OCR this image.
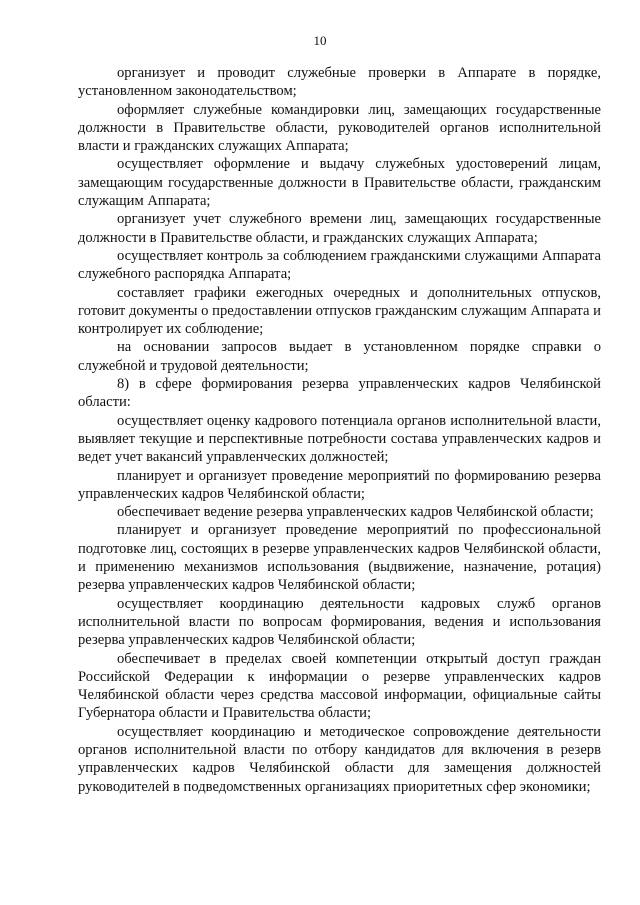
10

организует и проводит служебные проверки в Аппарате в порядке, установленном законодательством;

оформляет служебные командировки лиц, замещающих государственные должности в Правительстве области, руководителей органов исполнительной власти и гражданских служащих Аппарата;

осуществляет оформление и выдачу служебных удостоверений лицам, замещающим государственные должности в Правительстве области, гражданским служащим Аппарата;

организует учет служебного времени лиц, замещающих государственные должности в Правительстве области, и гражданских служащих Аппарата;

осуществляет контроль за соблюдением гражданскими служащими Аппарата служебного распорядка Аппарата;

составляет графики ежегодных очередных и дополнительных отпусков, готовит документы о предоставлении отпусков гражданским служащим Аппарата и контролирует их соблюдение;

на основании запросов выдает в установленном порядке справки о служебной и трудовой деятельности;

8) в сфере формирования резерва управленческих кадров Челябинской области:

осуществляет оценку кадрового потенциала органов исполнительной власти, выявляет текущие и перспективные потребности состава управленческих кадров и ведет учет вакансий управленческих должностей;

планирует и организует проведение мероприятий по формированию резерва управленческих кадров Челябинской области;

обеспечивает ведение резерва управленческих кадров Челябинской области;

планирует и организует проведение мероприятий по профессиональной подготовке лиц, состоящих в резерве управленческих кадров Челябинской области, и применению механизмов использования (выдвижение, назначение, ротация) резерва управленческих кадров Челябинской области;

осуществляет координацию деятельности кадровых служб органов исполнительной власти по вопросам формирования, ведения и использования резерва управленческих кадров Челябинской области;

обеспечивает в пределах своей компетенции открытый доступ граждан Российской Федерации к информации о резерве управленческих кадров Челябинской области через средства массовой информации, официальные сайты Губернатора области и Правительства области;

осуществляет координацию и методическое сопровождение деятельности органов исполнительной власти по отбору кандидатов для включения в резерв управленческих кадров Челябинской области для замещения должностей руководителей в подведомственных организациях приоритетных сфер экономики;
